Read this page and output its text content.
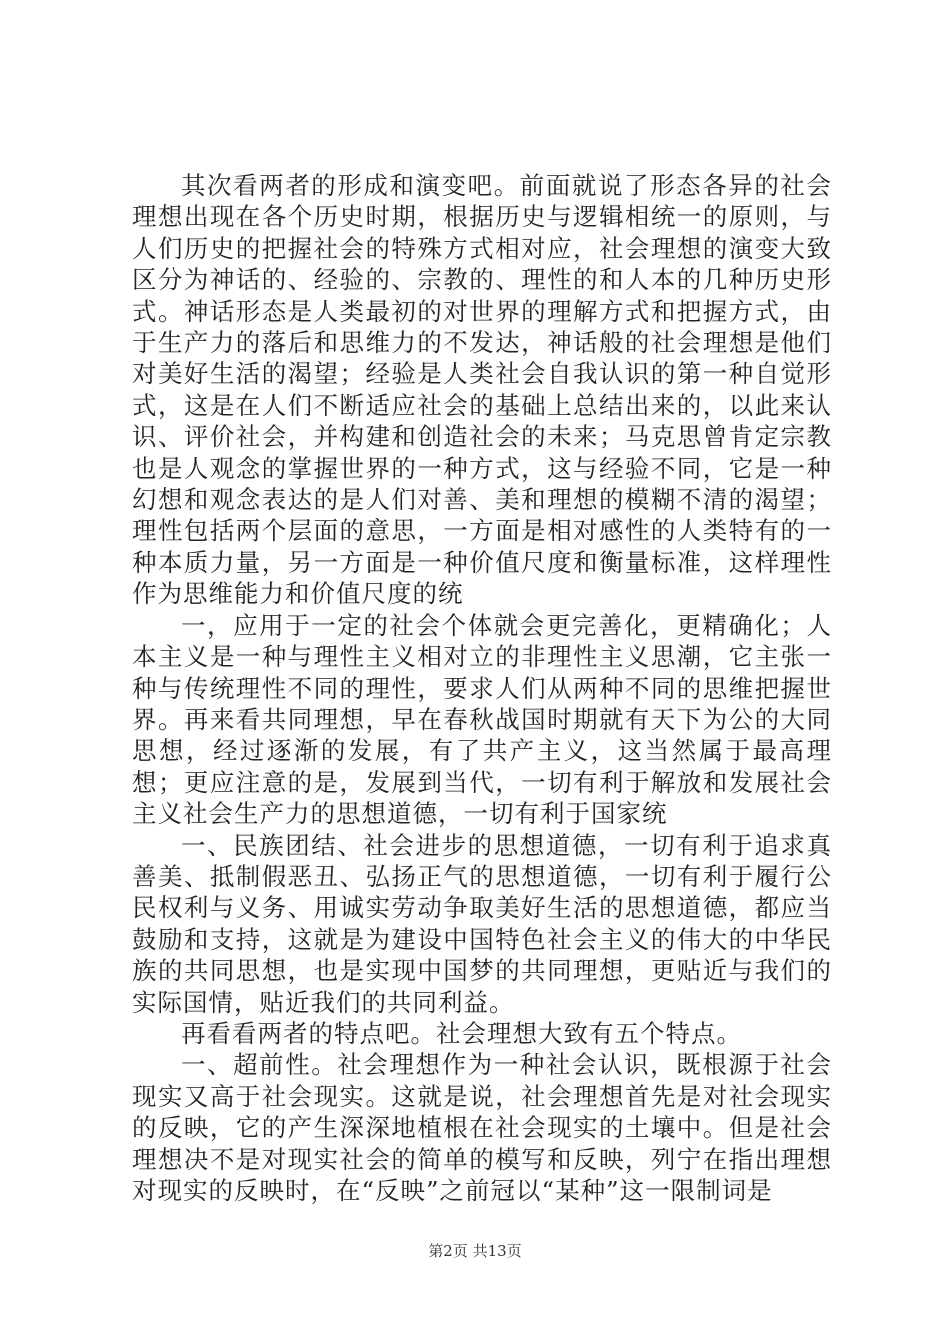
其次看两者的形成和演变吧。前面就说了形态各异的社会理想出现在各个历史时期，根据历史与逻辑相统一的原则，与人们历史的把握社会的特殊方式相对应，社会理想的演变大致区分为神话的、经验的、宗教的、理性的和人本的几种历史形式。神话形态是人类最初的对世界的理解方式和把握方式，由于生产力的落后和思维力的不发达，神话般的社会理想是他们对美好生活的渴望；经验是人类社会自我认识的第一种自觉形式，这是在人们不断适应社会的基础上总结出来的，以此来认识、评价社会，并构建和创造社会的未来；马克思曾肯定宗教也是人观念的掌握世界的一种方式，这与经验不同，它是一种幻想和观念表达的是人们对善、美和理想的模糊不清的渴望；理性包括两个层面的意思，一方面是相对感性的人类特有的一种本质力量，另一方面是一种价值尺度和衡量标准，这样理性作为思维能力和价值尺度的统

一，应用于一定的社会个体就会更完善化，更精确化；人本主义是一种与理性主义相对立的非理性主义思潮，它主张一种与传统理性不同的理性，要求人们从两种不同的思维把握世界。再来看共同理想，早在春秋战国时期就有天下为公的大同思想，经过逐渐的发展，有了共产主义，这当然属于最高理想；更应注意的是，发展到当代，一切有利于解放和发展社会主义社会生产力的思想道德，一切有利于国家统

一、民族团结、社会进步的思想道德，一切有利于追求真善美、抵制假恶丑、弘扬正气的思想道德，一切有利于履行公民权利与义务、用诚实劳动争取美好生活的思想道德，都应当鼓励和支持，这就是为建设中国特色社会主义的伟大的中华民族的共同思想，也是实现中国梦的共同理想，更贴近与我们的实际国情，贴近我们的共同利益。

再看看两者的特点吧。社会理想大致有五个特点。

一、超前性。社会理想作为一种社会认识，既根源于社会现实又高于社会现实。这就是说，社会理想首先是对社会现实的反映，它的产生深深地植根在社会现实的土壤中。但是社会理想决不是对现实社会的简单的模写和反映，列宁在指出理想对现实的反映时，在“反映”之前冠以“某种”这一限制词是

第2页 共13页
